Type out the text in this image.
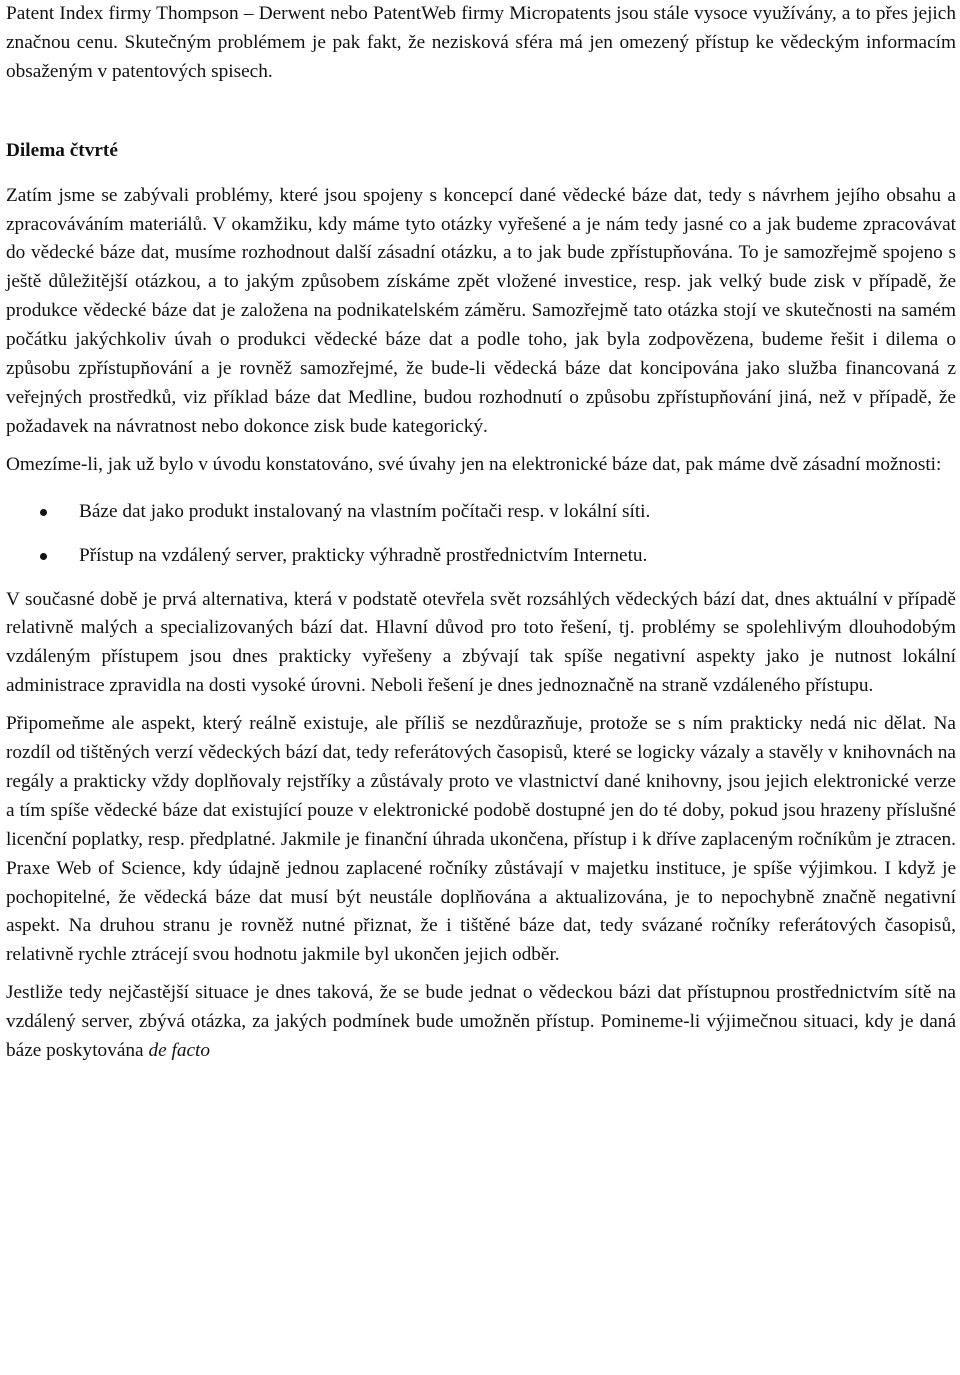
Patent Index firmy Thompson – Derwent nebo PatentWeb firmy Micropatents jsou stále vysoce využívány, a to přes jejich značnou cenu. Skutečným problémem je pak fakt, že nezisková sféra má jen omezený přístup ke vědeckým informacím obsaženým v patentových spisech.

Dilema čtvrté

Zatím jsme se zabývali problémy, které jsou spojeny s koncepcí dané vědecké báze dat, tedy s návrhem jejího obsahu a zpracováváním materiálů. V okamžiku, kdy máme tyto otázky vyřešené a je nám tedy jasné co a jak budeme zpracovávat do vědecké báze dat, musíme rozhodnout další zásadní otázku, a to jak bude zpřístupňována. To je samozřejmě spojeno s ještě důležitější otázkou, a to jakým způsobem získáme zpět vložené investice, resp. jak velký bude zisk v případě, že produkce vědecké báze dat je založena na podnikatelském záměru. Samozřejmě tato otázka stojí ve skutečnosti na samém počátku jakýchkoliv úvah o produkci vědecké báze dat a podle toho, jak byla zodpovězena, budeme řešit i dilema o způsobu zpřístupňování a je rovněž samozřejmé, že bude-li vědecká báze dat koncipována jako služba financovaná z veřejných prostředků, viz příklad báze dat Medline, budou rozhodnutí o způsobu zpřístupňování jiná, než v případě, že požadavek na návratnost nebo dokonce zisk bude kategorický.

Omezíme-li, jak už bylo v úvodu konstatováno, své úvahy jen na elektronické báze dat, pak máme dvě zásadní možnosti:

Báze dat jako produkt instalovaný na vlastním počítači resp. v lokální síti.
Přístup na vzdálený server, prakticky výhradně prostřednictvím Internetu.

V současné době je prvá alternativa, která v podstatě otevřela svět rozsáhlých vědeckých bází dat, dnes aktuální v případě relativně malých a specializovaných bází dat. Hlavní důvod pro toto řešení, tj. problémy se spolehlivým dlouhodobým vzdáleným přístupem jsou dnes prakticky vyřešeny a zbývají tak spíše negativní aspekty jako je nutnost lokální administrace zpravidla na dosti vysoké úrovni. Neboli řešení je dnes jednoznačně na straně vzdáleného přístupu.

Připomeňme ale aspekt, který reálně existuje, ale příliš se nezdůrazňuje, protože se s ním prakticky nedá nic dělat. Na rozdíl od tištěných verzí vědeckých bází dat, tedy referátových časopisů, které se logicky vázaly a stavěly v knihovnách na regály a prakticky vždy doplňovaly rejstříky a zůstávaly proto ve vlastnictví dané knihovny, jsou jejich elektronické verze a tím spíše vědecké báze dat existující pouze v elektronické podobě dostupné jen do té doby, pokud jsou hrazeny příslušné licenční poplatky, resp. předplatné. Jakmile je finanční úhrada ukončena, přístup i k dříve zaplaceným ročníkům je ztracen. Praxe Web of Science, kdy údajně jednou zaplacené ročníky zůstávají v majetku instituce, je spíše výjimkou. I když je pochopitelné, že vědecká báze dat musí být neustále doplňována a aktualizována, je to nepochybně značně negativní aspekt. Na druhou stranu je rovněž nutné přiznat, že i tištěné báze dat, tedy svázané ročníky referátových časopisů, relativně rychle ztrácejí svou hodnotu jakmile byl ukončen jejich odběr.

Jestliže tedy nejčastější situace je dnes taková, že se bude jednat o vědeckou bázi dat přístupnou prostřednictvím sítě na vzdálený server, zbývá otázka, za jakých podmínek bude umožněn přístup. Pomineme-li výjimečnou situaci, kdy je daná báze poskytována de facto
